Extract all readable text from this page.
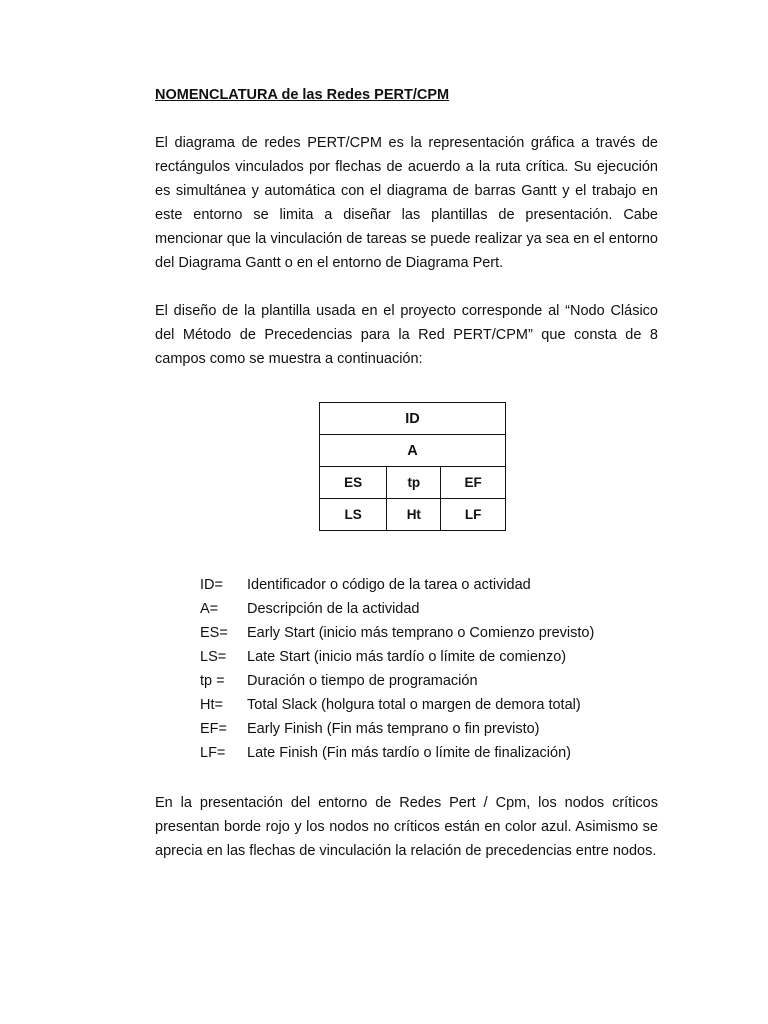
NOMENCLATURA de las Redes PERT/CPM

El diagrama de redes PERT/CPM es la representación gráfica a través de rectángulos vinculados por flechas de acuerdo a la ruta crítica. Su ejecución es simultánea y automática con el diagrama de barras Gantt y el trabajo en este entorno se limita a diseñar las plantillas de presentación. Cabe mencionar que la vinculación de tareas se puede realizar ya sea en el entorno del Diagrama Gantt o en el entorno de Diagrama Pert.

El diseño de la plantilla usada en el proyecto corresponde al “Nodo Clásico del Método de Precedencias para la Red PERT/CPM” que consta de 8 campos como se muestra a continuación:

ID		
A		
ES	tp	EF
LS	Ht	LF
ID=	Identificador o código de la tarea o actividad
A=	Descripción de la actividad
ES=	Early Start (inicio más temprano o Comienzo previsto)
LS=	Late Start (inicio más tardío o límite de comienzo)
tp =	Duración o tiempo de programación
Ht=	Total Slack (holgura total o margen de demora total)
EF=	Early Finish (Fin más temprano o fin previsto)
LF=	Late Finish (Fin más tardío o límite de finalización)

En la presentación del entorno de Redes Pert / Cpm, los nodos críticos presentan borde rojo y los nodos no críticos están en color azul. Asimismo se aprecia en las flechas de vinculación la relación de precedencias entre nodos.
